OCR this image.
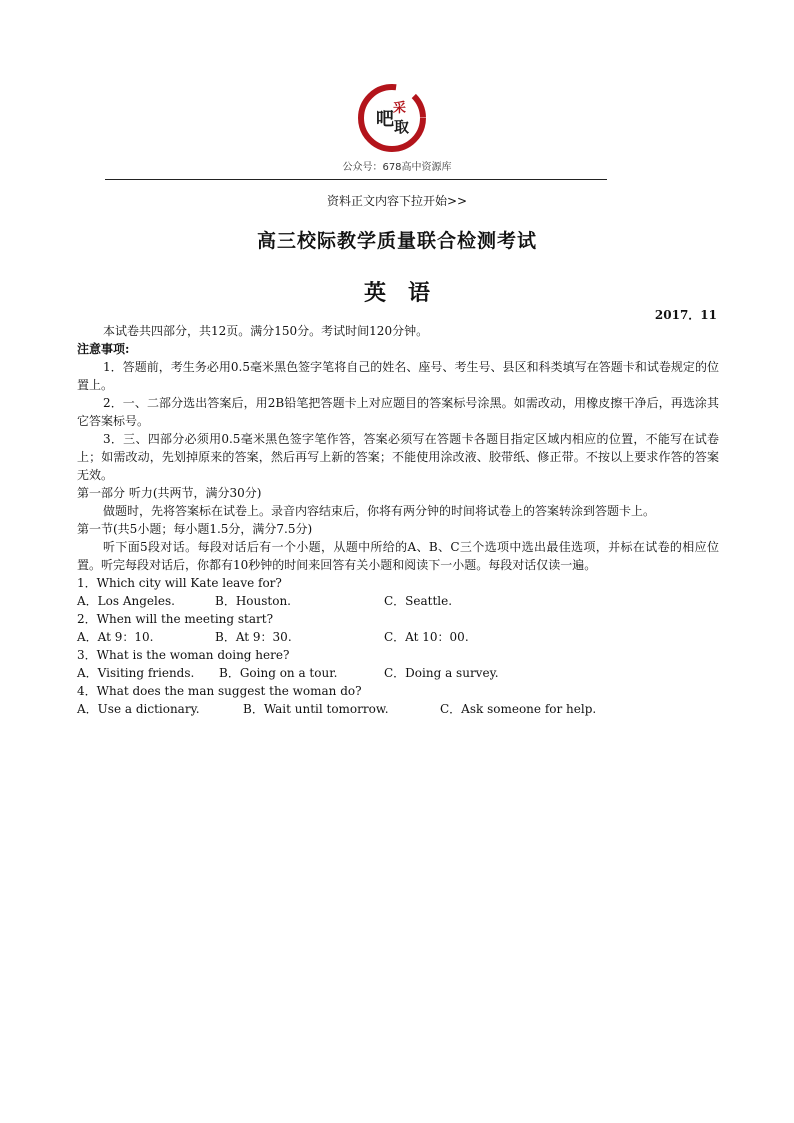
吧
采
取
公众号：678高中资源库
资料正文内容下拉开始>>
高三校际教学质量联合检测考试
英　语
2017．11

本试卷共四部分，共12页。满分150分。考试时间120分钟。

注意事项:

1．答题前，考生务必用0.5毫米黑色签字笔将自己的姓名、座号、考生号、县区和科类填写在答题卡和试卷规定的位置上。

2．一、二部分选出答案后，用2B铅笔把答题卡上对应题目的答案标号涂黑。如需改动，用橡皮擦干净后，再选涂其它答案标号。

3．三、四部分必须用0.5毫米黑色签字笔作答，答案必须写在答题卡各题目指定区域内相应的位置，不能写在试卷上；如需改动，先划掉原来的答案，然后再写上新的答案；不能使用涂改液、胶带纸、修正带。不按以上要求作答的答案无效。

第一部分 听力(共两节，满分30分)

做题时，先将答案标在试卷上。录音内容结束后，你将有两分钟的时间将试卷上的答案转涂到答题卡上。

第一节(共5小题；每小题1.5分，满分7.5分)

听下面5段对话。每段对话后有一个小题，从题中所给的A、B、C三个选项中选出最佳选项，并标在试卷的相应位置。听完每段对话后，你都有10秒钟的时间来回答有关小题和阅读下一小题。每段对话仅读一遍。

1．Which city will Kate leave for?

A．Los Angeles.	B．Houston.	C．Seattle.

2．When will the meeting start?

A．At 9：10.	B．At 9：30.	C．At 10：00.

3．What is the woman doing here?

A．Visiting friends. B．Going on a tour.	C．Doing a survey.

4．What does the man suggest the woman do?

A．Use a dictionary.	B．Wait until tomorrow.	C．Ask someone for help.
